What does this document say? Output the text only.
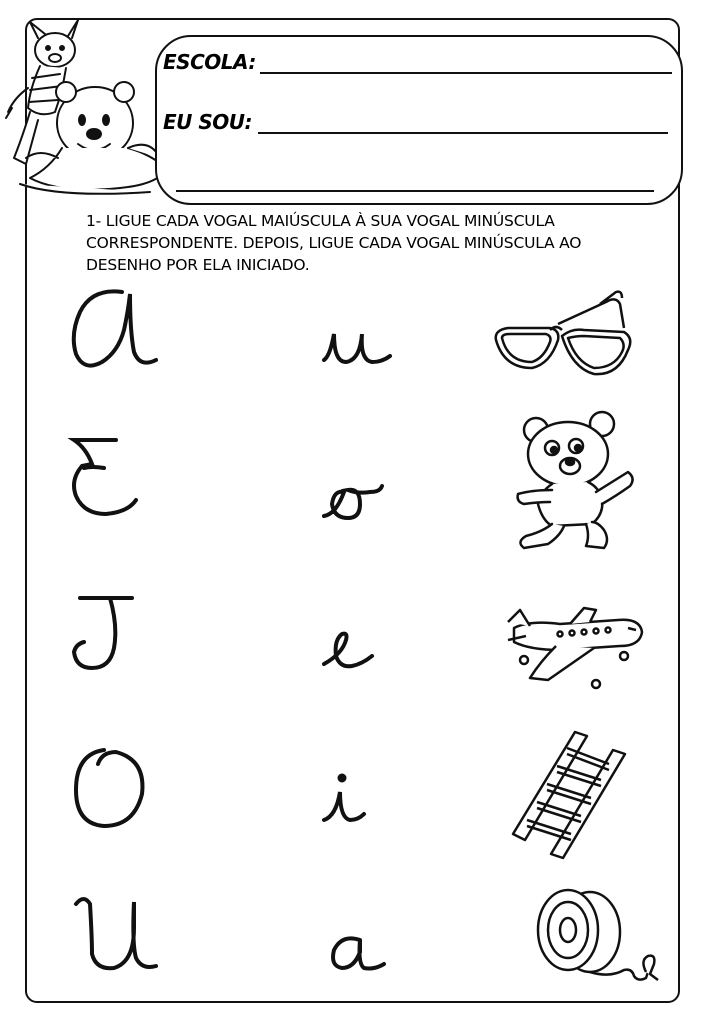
ESCOLA:
EU SOU:
1- LIGUE CADA VOGAL MAIÚSCULA À SUA VOGAL MINÚSCULA
CORRESPONDENTE. DEPOIS, LIGUE CADA VOGAL MINÚSCULA AO
DESENHO POR ELA INICIADO.
